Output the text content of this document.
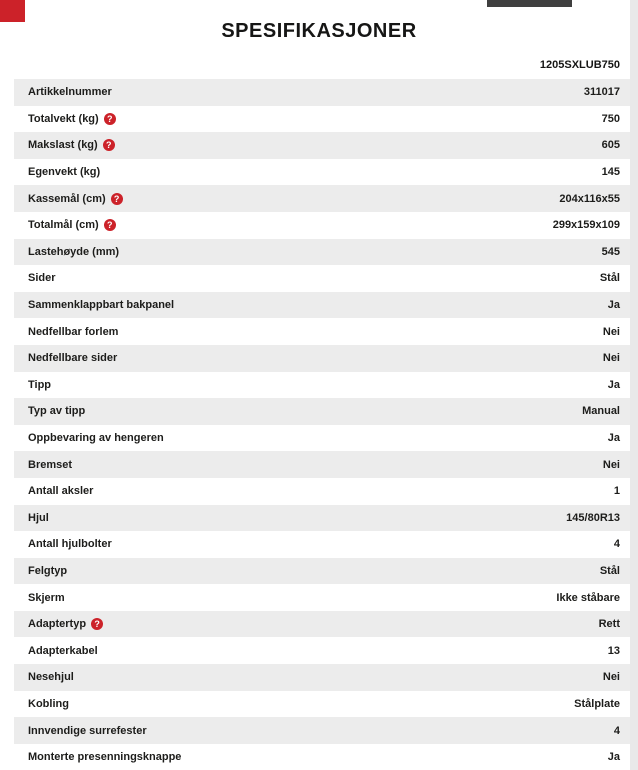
SPESIFIKASJONER
1205SXLUB750
Artikkelnummer	311017
Totalvekt (kg) ?	750
Makslast (kg) ?	605
Egenvekt (kg)	145
Kassemål (cm) ?	204x116x55
Totalmål (cm) ?	299x159x109
Lastehøyde (mm)	545
Sider	Stål
Sammenklappbart bakpanel	Ja
Nedfellbar forlem	Nei
Nedfellbare sider	Nei
Tipp	Ja
Typ av tipp	Manual
Oppbevaring av hengeren	Ja
Bremset	Nei
Antall aksler	1
Hjul	145/80R13
Antall hjulbolter	4
Felgtyp	Stål
Skjerm	Ikke ståbare
Adaptertyp ?	Rett
Adapterkabel	13
Nesehjul	Nei
Kobling	Stålplate
Innvendige surrefester	4
Monterte presenningsknappe	Ja
